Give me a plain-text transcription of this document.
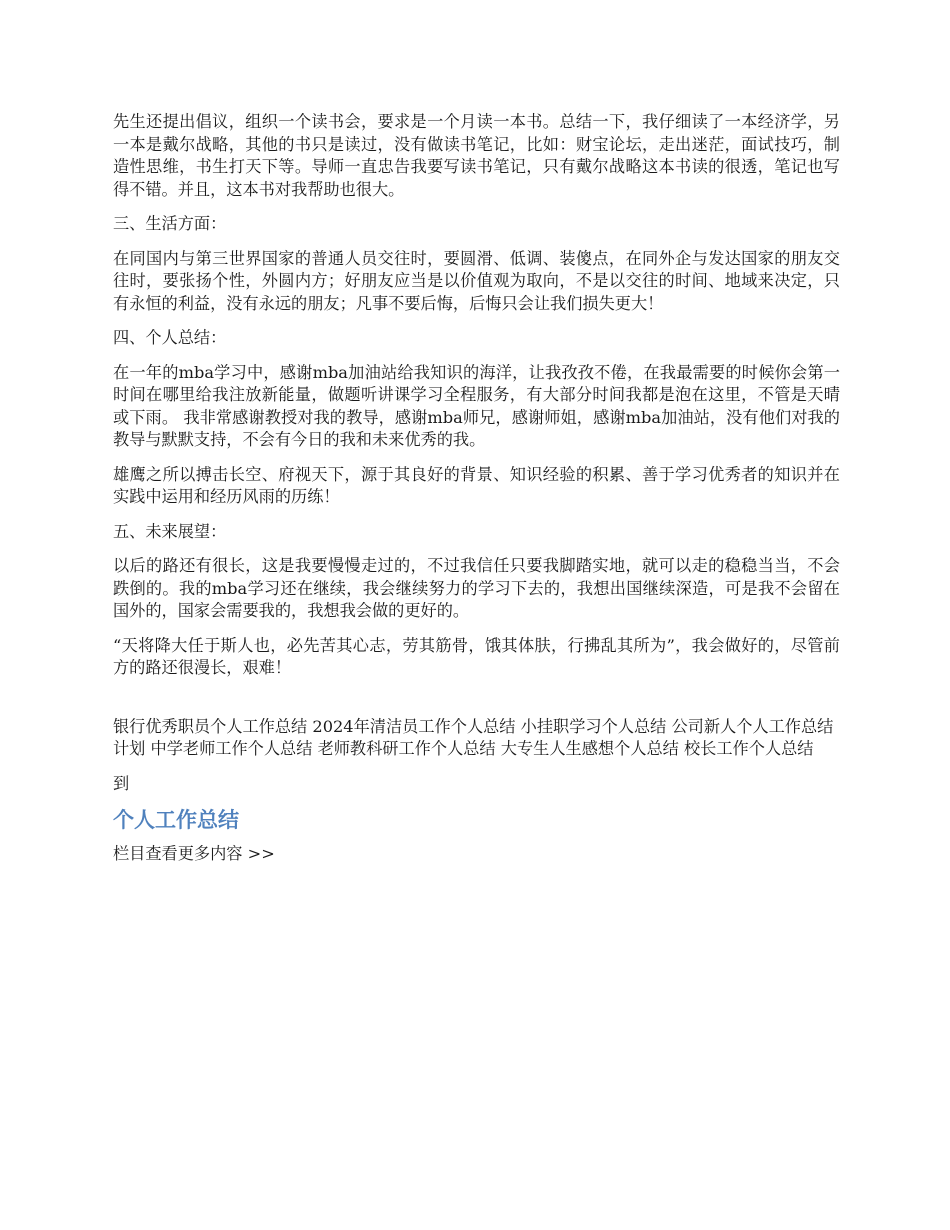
先生还提出倡议，组织一个读书会，要求是一个月读一本书。总结一下，我仔细读了一本经济学，另一本是戴尔战略，其他的书只是读过，没有做读书笔记，比如：财宝论坛，走出迷茫，面试技巧，制造性思维，书生打天下等。导师一直忠告我要写读书笔记，只有戴尔战略这本书读的很透，笔记也写得不错。并且，这本书对我帮助也很大。

三、生活方面：

在同国内与第三世界国家的普通人员交往时，要圆滑、低调、装傻点，在同外企与发达国家的朋友交往时，要张扬个性，外圆内方；好朋友应当是以价值观为取向，不是以交往的时间、地域来决定，只有永恒的利益，没有永远的朋友；凡事不要后悔，后悔只会让我们损失更大！

四、个人总结：

在一年的mba学习中，感谢mba加油站给我知识的海洋，让我孜孜不倦，在我最需要的时候你会第一时间在哪里给我注放新能量，做题听讲课学习全程服务，有大部分时间我都是泡在这里，不管是天晴或下雨。 我非常感谢教授对我的教导，感谢mba师兄，感谢师姐，感谢mba加油站，没有他们对我的教导与默默支持，不会有今日的我和未来优秀的我。

雄鹰之所以搏击长空、府视天下，源于其良好的背景、知识经验的积累、善于学习优秀者的知识并在实践中运用和经历风雨的历练！

五、未来展望：

以后的路还有很长，这是我要慢慢走过的，不过我信任只要我脚踏实地，就可以走的稳稳当当，不会跌倒的。我的mba学习还在继续，我会继续努力的学习下去的，我想出国继续深造，可是我不会留在国外的，国家会需要我的，我想我会做的更好的。

“天将降大任于斯人也，必先苦其心志，劳其筋骨，饿其体肤，行拂乱其所为”，我会做好的，尽管前方的路还很漫长，艰难！

银行优秀职员个人工作总结 2024年清洁员工作个人总结 小挂职学习个人总结 公司新人个人工作总结计划 中学老师工作个人总结 老师教科研工作个人总结 大专生人生感想个人总结 校长工作个人总结

到

个人工作总结

栏目查看更多内容 >>
